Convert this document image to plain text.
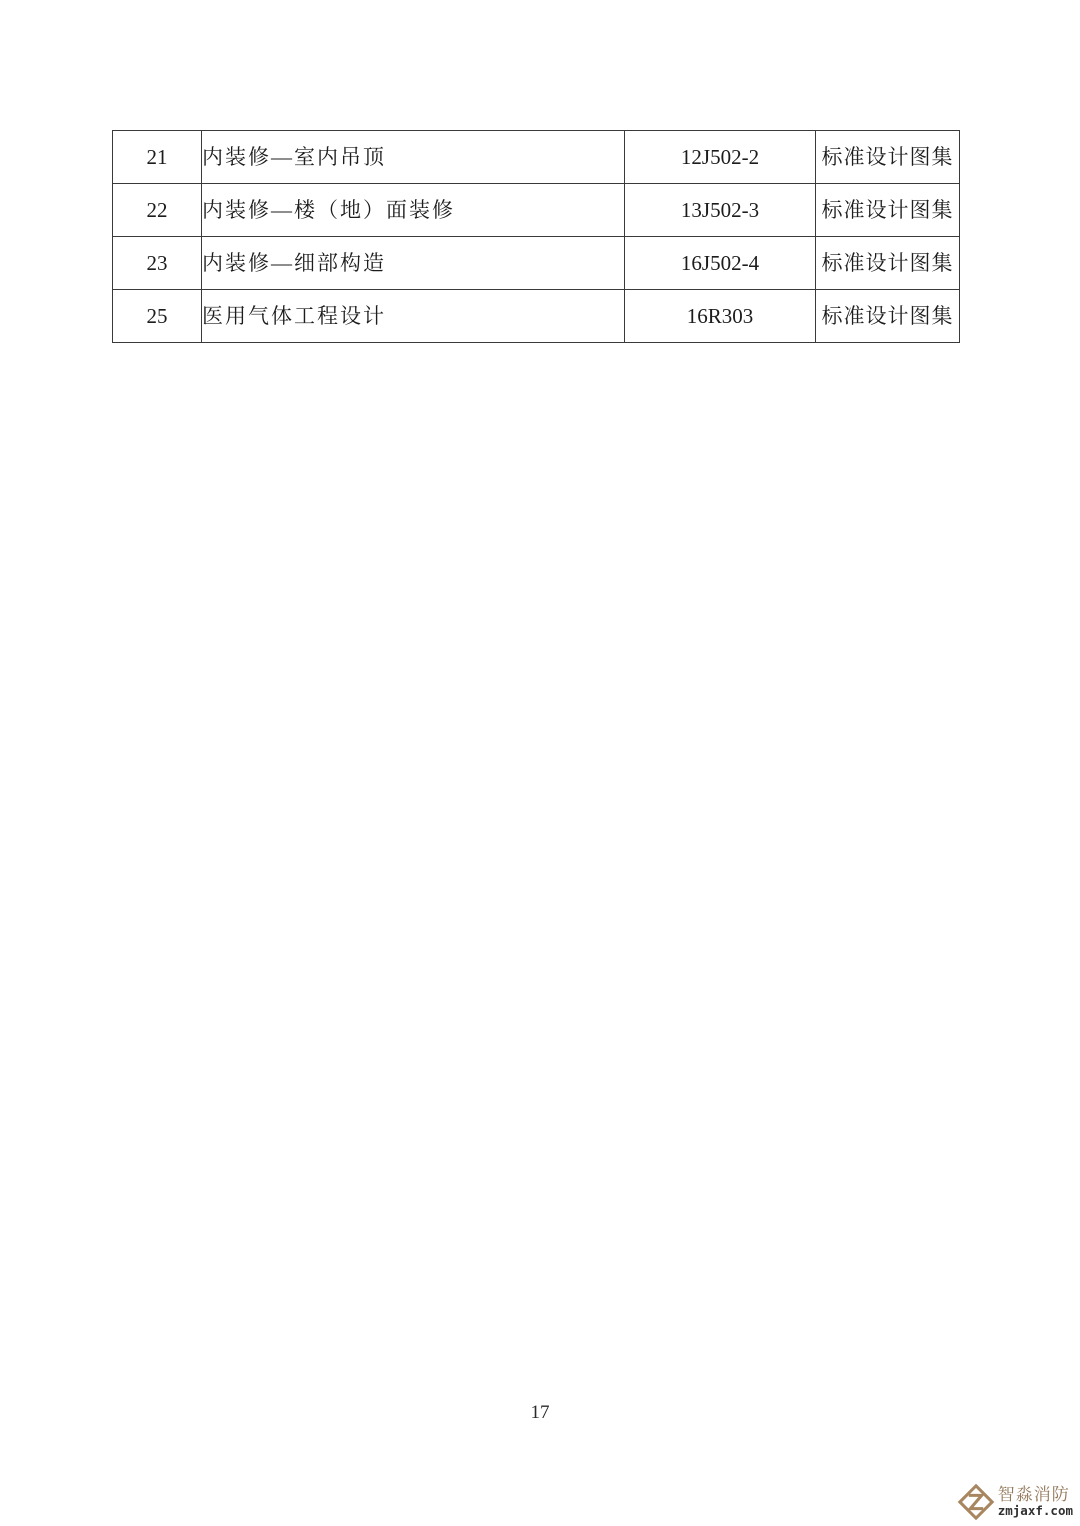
21	内装修—室内吊顶	12J502-2	标准设计图集
22	内装修—楼（地）面装修	13J502-3	标准设计图集
23	内装修—细部构造	16J502-4	标准设计图集
25	医用气体工程设计	16R303	标准设计图集
17
智淼消防
zmjaxf.com
